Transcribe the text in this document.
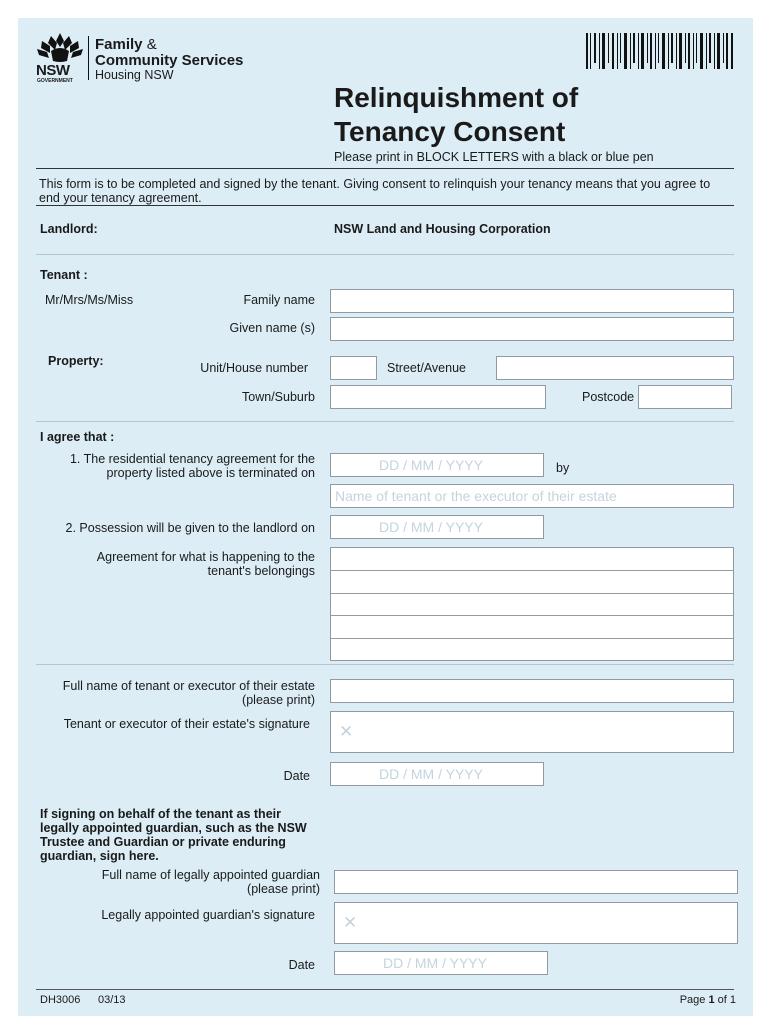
NSW
GOVERNMENT
Family &
Community Services
Housing NSW
Relinquishment of
Tenancy Consent
Please print in BLOCK LETTERS with a black or blue pen
This form is to be completed and signed by the tenant. Giving consent to relinquish your tenancy means that you agree to end your tenancy agreement.
Landlord:	NSW Land and Housing Corporation
Tenant :
Mr/Mrs/Ms/Miss	Family name
Given name (s)
Property:	Unit/House number	Street/Avenue
Town/Suburb	Postcode
I agree that :
1. The residential tenancy agreement for the property listed above is terminated on	DD / MM / YYYY	by
Name of tenant or the executor of their estate
2. Possession will be given to the landlord on	DD / MM / YYYY
Agreement for what is happening to the tenant's belongings
Full name of tenant or executor of their estate (please print)
Tenant or executor of their estate's signature ✕
Date	DD / MM / YYYY
If signing on behalf of the tenant as their legally appointed guardian, such as the NSW Trustee and Guardian or private enduring guardian, sign here.
Full name of legally appointed guardian (please print)
Legally appointed guardian's signature ✕
Date	DD / MM / YYYY
DH3006 03/13	Page 1 of 1
